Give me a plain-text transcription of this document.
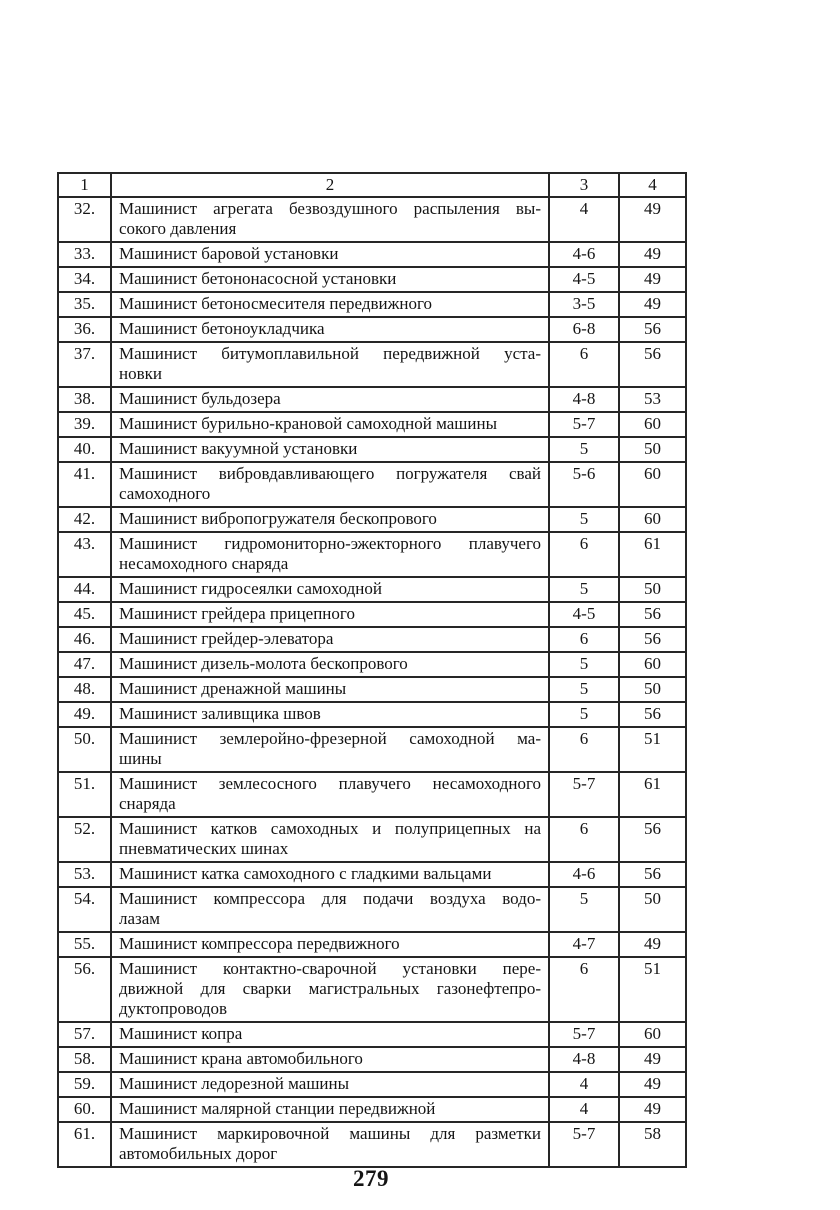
1	2	3	4
32.	Машинист агрегата безвоздушного распыления вы-
сокого давления	4	49
33.	Машинист баровой установки	4-6	49
34.	Машинист бетононасосной установки	4-5	49
35.	Машинист бетоносмесителя передвижного	3-5	49
36.	Машинист бетоноукладчика	6-8	56
37.	Машинист битумоплавильной передвижной уста-
новки	6	56
38.	Машинист бульдозера	4-8	53
39.	Машинист бурильно-крановой самоходной машины	5-7	60
40.	Машинист вакуумной установки	5	50
41.	Машинист вибровдавливающего погружателя свай
самоходного	5-6	60
42.	Машинист вибропогружателя бескопрового	5	60
43.	Машинист гидромониторно-эжекторного плавучего
несамоходного снаряда	6	61
44.	Машинист гидросеялки самоходной	5	50
45.	Машинист грейдера прицепного	4-5	56
46.	Машинист грейдер-элеватора	6	56
47.	Машинист дизель-молота бескопрового	5	60
48.	Машинист дренажной машины	5	50
49.	Машинист заливщика швов	5	56
50.	Машинист землеройно-фрезерной самоходной ма-
шины	6	51
51.	Машинист землесосного плавучего несамоходного
снаряда	5-7	61
52.	Машинист катков самоходных и полуприцепных на
пневматических шинах	6	56
53.	Машинист катка самоходного с гладкими вальцами	4-6	56
54.	Машинист компрессора для подачи воздуха водо-
лазам	5	50
55.	Машинист компрессора передвижного	4-7	49
56.	Машинист контактно-сварочной установки пере-
движной для сварки магистральных газонефтепро-
дуктопроводов	6	51
57.	Машинист копра	5-7	60
58.	Машинист крана автомобильного	4-8	49
59.	Машинист ледорезной машины	4	49
60.	Машинист малярной станции передвижной	4	49
61.	Машинист маркировочной машины для разметки
автомобильных дорог	5-7	58
279
